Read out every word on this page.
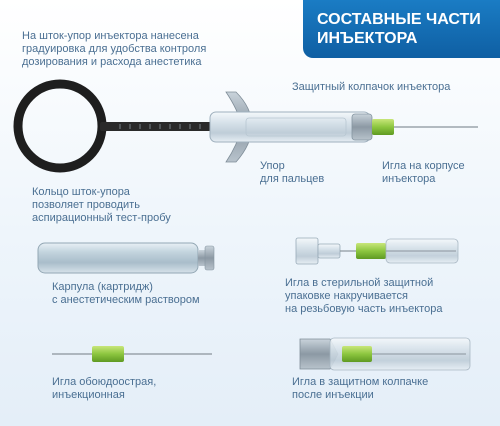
СОСТАВНЫЕ ЧАСТИ
ИНЪЕКТОРА
На шток-упор инъектора нанесена
градуировка для удобства контроля
дозирования и расхода анестетика
Защитный колпачок инъектора
Упор
для пальцев
Игла на корпусе
инъектора
Кольцо шток-упора
позволяет проводить
аспирационный тест-пробу
Карпула (картридж)
с анестетическим раствором
Игла в стерильной защитной
упаковке накручивается
на резьбовую часть инъектора
Игла обоюдоострая,
инъекционная
Игла в защитном колпачке
после инъекции
